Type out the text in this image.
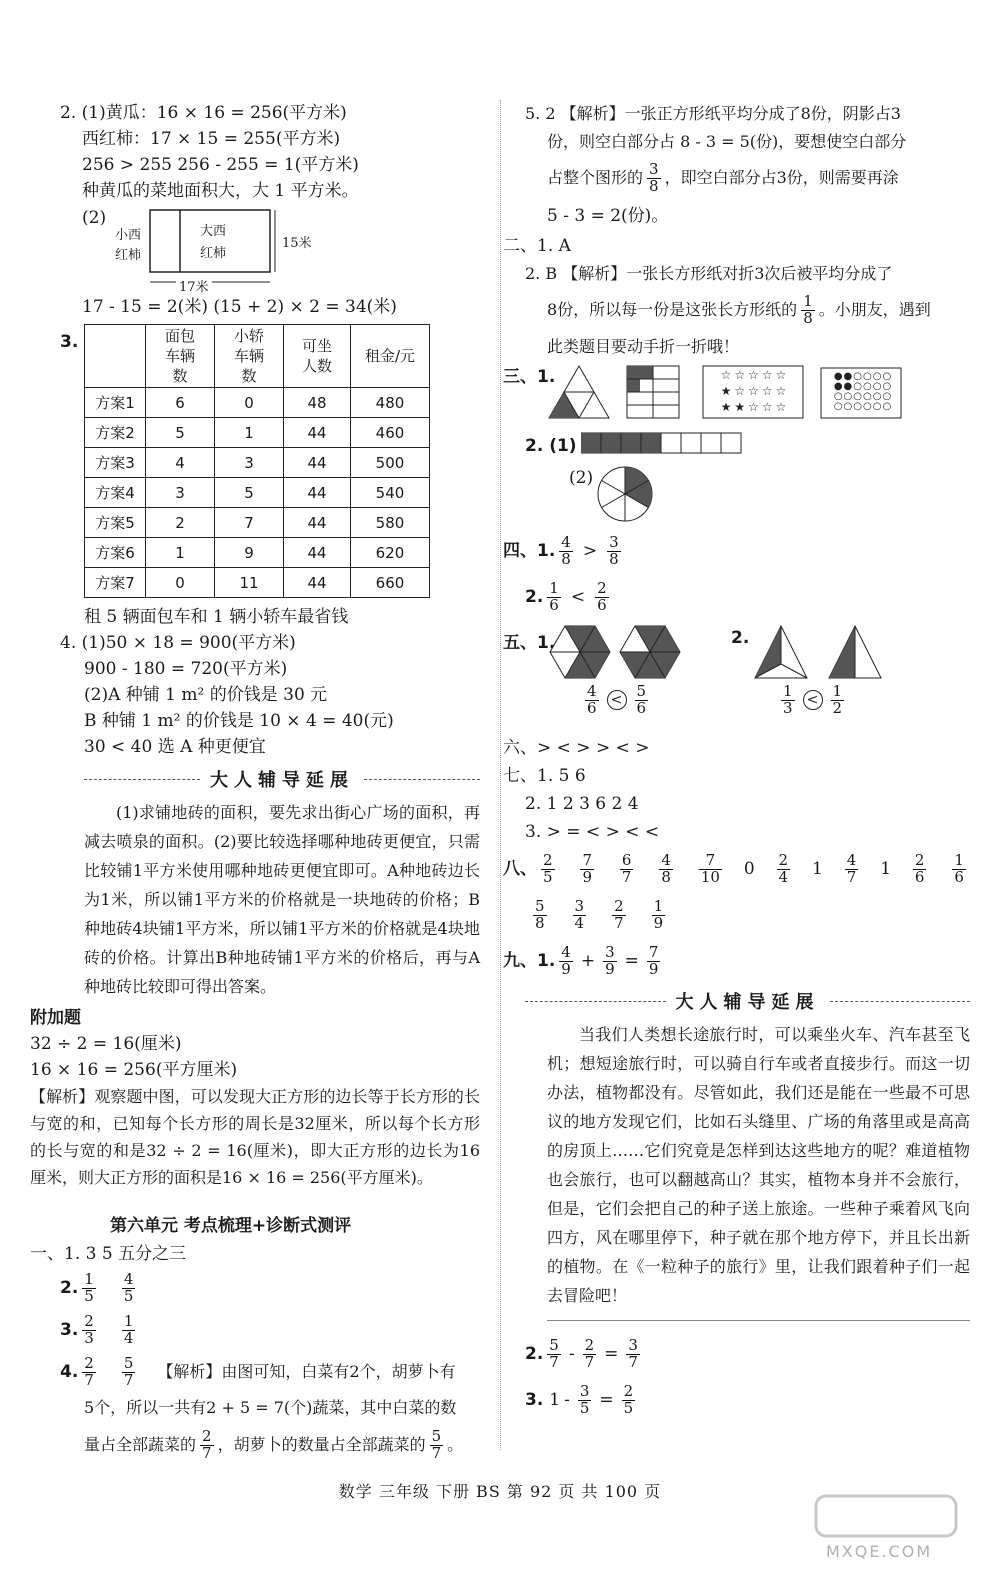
2. (1)黄瓜：16 × 16 = 256(平方米)
西红柿：17 × 15 = 255(平方米)
256 > 255 256 - 255 = 1(平方米)
种黄瓜的菜地面积大，大 1 平方米。
(2)
小西
红柿
大西
红柿
15米
17米
17 - 15 = 2(米) (15 + 2) × 2 = 34(米)
3.

	面包车辆数	小轿车辆数	可坐人数	租金/元
方案1	6	0	48	480
方案2	5	1	44	460
方案3	4	3	44	500
方案4	3	5	44	540
方案5	2	7	44	580
方案6	1	9	44	620
方案7	0	11	44	660
租 5 辆面包车和 1 辆小轿车最省钱
4. (1)50 × 18 = 900(平方米)
900 - 180 = 720(平方米)
(2)A 种铺 1 m² 的价钱是 30 元
B 种铺 1 m² 的价钱是 10 × 4 = 40(元)
30 < 40 选 A 种更便宜
大人辅导延展
(1)求铺地砖的面积，要先求出街心广场的面积，再减去喷泉的面积。(2)要比较选择哪种地砖更便宜，只需比较铺1平方米使用哪种地砖更便宜即可。A种地砖边长为1米，所以铺1平方米的价格就是一块地砖的价格；B种地砖4块铺1平方米，所以铺1平方米的价格就是4块地砖的价格。计算出B种地砖铺1平方米的价格后，再与A种地砖比较即可得出答案。
附加题
32 ÷ 2 = 16(厘米)
16 × 16 = 256(平方厘米)
【解析】观察题中图，可以发现大正方形的边长等于长方形的长与宽的和，已知每个长方形的周长是32厘米，所以每个长方形的长与宽的和是32 ÷ 2 = 16(厘米)，即大正方形的边长为16厘米，则大正方形的面积是16 × 16 = 256(平方厘米)。
第六单元 考点梳理+诊断式测评
一、1. 3 5 五分之三
2. $\frac{1}{5} \frac{4}{5}$
3. $\frac{2}{3} \frac{1}{4}$
4. $\frac{2}{7} \frac{5}{7}$ 【解析】由图可知，白菜有2个，胡萝卜有
5个，所以一共有2 + 5 = 7(个)蔬菜，其中白菜的数
量占全部蔬菜的 $\frac{2}{7}$ ，胡萝卜的数量占全部蔬菜的 $\frac{5}{7}$ 。
5. 2 【解析】一张正方形纸平均分成了8份，阴影占3
份，则空白部分占 8 - 3 = 5(份)，要想使空白部分
占整个图形的 $\frac{3}{8}$ ，即空白部分占3份，则需要再涂
5 - 3 = 2(份)。
二、1. A
2. B 【解析】一张长方形纸对折3次后被平均分成了
8份，所以每一份是这张长方形纸的 $\frac{1}{8}$ 。小朋友，遇到
此类题目要动手折一折哦！
三、1.	☆☆☆☆☆
★☆☆☆☆
★★☆☆☆
●●○○○○
●●○○○○
○○○○○○
○○○○○○
2. (1)
(2)
四、1. $\frac{4}{8} > \frac{3}{8}$
2. $\frac{1}{6} < \frac{2}{6}$
五、1.
$\frac{4}{6} < \frac{5}{6}$
2.
$\frac{1}{3} < \frac{1}{2}$
六、> < > > < >
七、1. 5 6
2. 1 2 3 6 2 4
3. > = < > < <
八、 $\frac{2}{5} \frac{7}{9} \frac{6}{7} \frac{4}{8} \frac{7}{10} 0 \frac{2}{4} 1 \frac{4}{7} 1 \frac{2}{6} \frac{1}{6}$
$\frac{5}{8} \frac{3}{4} \frac{2}{7} \frac{1}{9}$
九、1. $\frac{4}{9} + \frac{3}{9} = \frac{7}{9}$
大人辅导延展
当我们人类想长途旅行时，可以乘坐火车、汽车甚至飞机；想短途旅行时，可以骑自行车或者直接步行。而这一切办法，植物都没有。尽管如此，我们还是能在一些最不可思议的地方发现它们，比如石头缝里、广场的角落里或是高高的房顶上……它们究竟是怎样到达这些地方的呢？难道植物也会旅行，也可以翻越高山？其实，植物本身并不会旅行，但是，它们会把自己的种子送上旅途。一些种子乘着风飞向四方，风在哪里停下，种子就在那个地方停下，并且长出新的植物。在《一粒种子的旅行》里，让我们跟着种子们一起去冒险吧！
2. $\frac{5}{7} - \frac{2}{7} = \frac{3}{7}$
3. $1 - \frac{3}{5} = \frac{2}{5}$
数学 三年级 下册 BS 第 92 页 共 100 页
MXQE.COM
